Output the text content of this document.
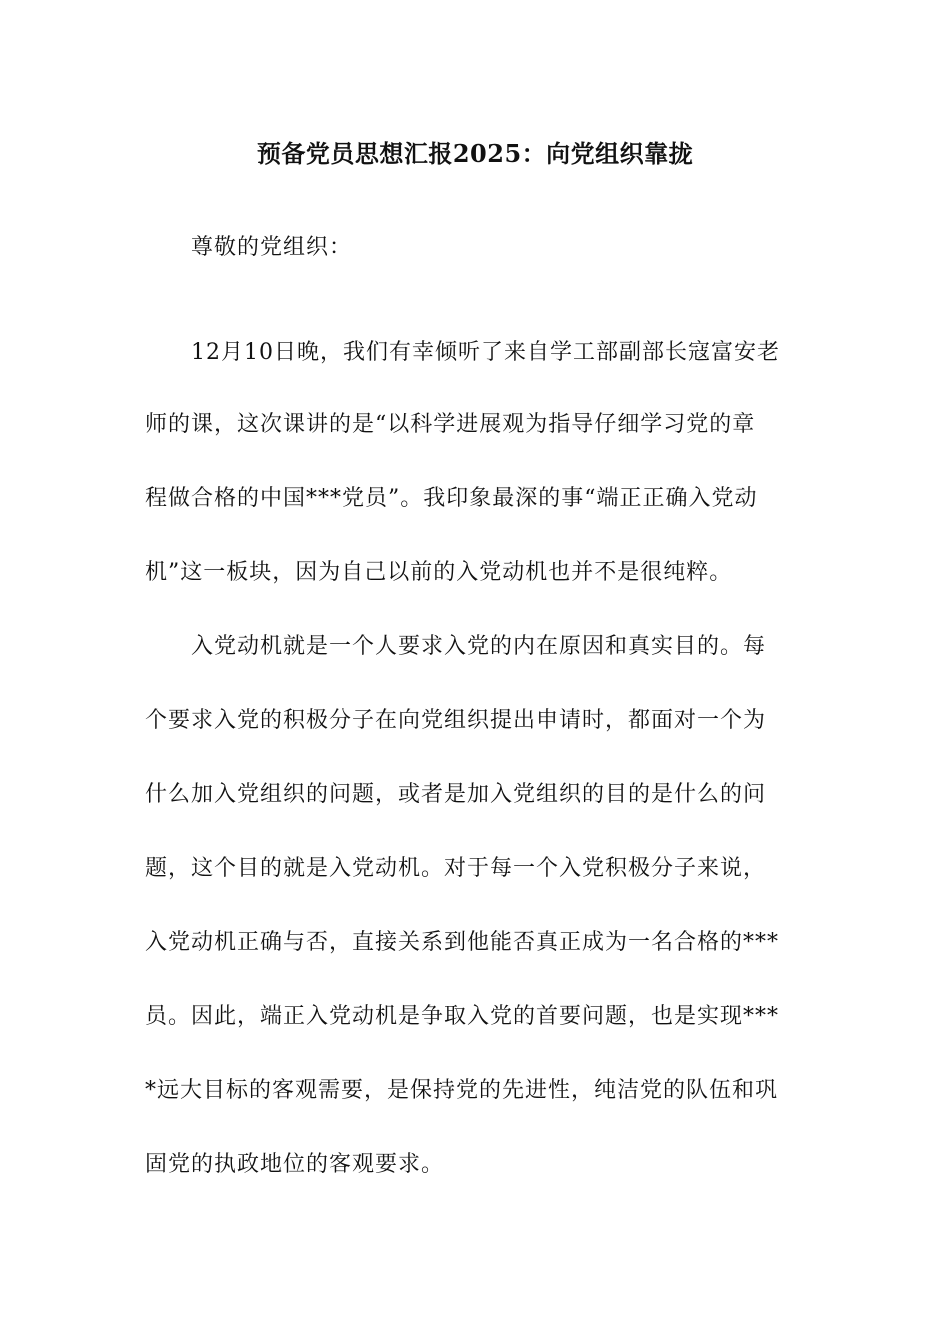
预备党员思想汇报2025：向党组织靠拢
　　尊敬的党组织：
　　12月10日晚，我们有幸倾听了来自学工部副部长寇富安老
师的课，这次课讲的是“以科学进展观为指导仔细学习党的章
程做合格的中国***党员”。我印象最深的事“端正正确入党动
机”这一板块，因为自己以前的入党动机也并不是很纯粹。
　　入党动机就是一个人要求入党的内在原因和真实目的。每
个要求入党的积极分子在向党组织提出申请时，都面对一个为
什么加入党组织的问题，或者是加入党组织的目的是什么的问
题，这个目的就是入党动机。对于每一个入党积极分子来说，
入党动机正确与否，直接关系到他能否真正成为一名合格的***
员。因此，端正入党动机是争取入党的首要问题，也是实现***
*远大目标的客观需要，是保持党的先进性，纯洁党的队伍和巩
固党的执政地位的客观要求。
